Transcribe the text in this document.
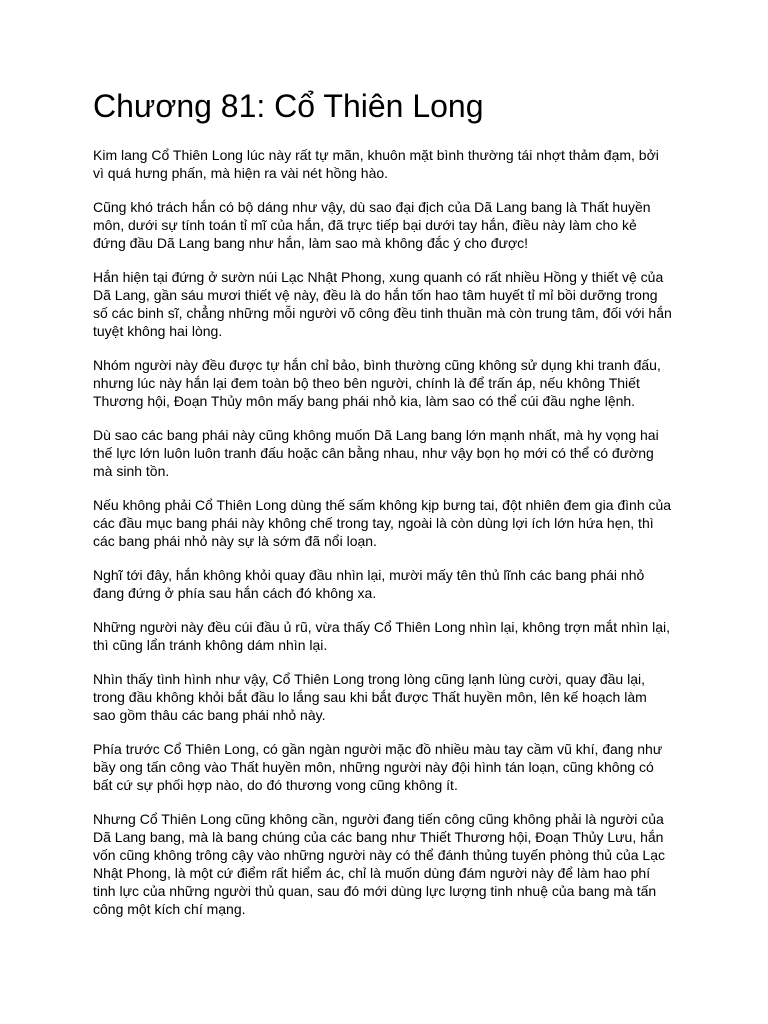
Chương 81: Cổ Thiên Long

Kim lang Cổ Thiên Long lúc này rất tự mãn, khuôn mặt bình thường tái nhợt thảm đạm, bởi vì quá hưng phấn, mà hiện ra vài nét hồng hào.

Cũng khó trách hắn có bộ dáng như vậy, dù sao đại địch của Dã Lang bang là Thất huyền môn, dưới sự tính toán tỉ mĩ của hắn, đã trực tiếp bại dưới tay hắn, điều này làm cho kẻ đứng đầu Dã Lang bang như hắn, làm sao mà không đắc ý cho được!

Hắn hiện tại đứng ở sườn núi Lạc Nhật Phong, xung quanh có rất nhiều Hồng y thiết vệ của Dã Lang, gần sáu mươi thiết vệ này, đều là do hắn tốn hao tâm huyết tỉ mỉ bồi dưỡng trong số các binh sĩ, chẳng những mỗi người võ công đều tinh thuần mà còn trung tâm, đối với hắn tuyệt không hai lòng.

Nhóm người này đều được tự hắn chỉ bảo, bình thường cũng không sử dụng khi tranh đấu, nhưng lúc này hắn lại đem toàn bộ theo bên người, chính là để trấn áp, nếu không Thiết Thương hội, Đoạn Thủy môn mấy bang phái nhỏ kia, làm sao có thể cúi đầu nghe lệnh.

Dù sao các bang phái này cũng không muốn Dã Lang bang lớn mạnh nhất, mà hy vọng hai thế lực lớn luôn luôn tranh đấu hoặc cân bằng nhau, như vậy bọn họ mới có thể có đường mà sinh tồn.

Nếu không phải Cổ Thiên Long dùng thế sấm không kịp bưng tai, đột nhiên đem gia đình của các đầu mục bang phái này không chế trong tay, ngoài là còn dùng lợi ích lớn hứa hẹn, thì các bang phái nhỏ này sự là sớm đã nổi loạn.

Nghĩ tới đây, hắn không khỏi quay đầu nhìn lại, mười mấy tên thủ lĩnh các bang phái nhỏ đang đứng ở phía sau hắn cách đó không xa.

Những người này đều cúi đầu ủ rũ, vừa thấy Cổ Thiên Long nhìn lại, không trợn mắt nhìn lại, thì cũng lẩn tránh không dám nhìn lại.

Nhìn thấy tình hình như vậy, Cổ Thiên Long trong lòng cũng lạnh lùng cười, quay đầu lại, trong đầu không khỏi bắt đầu lo lắng sau khi bắt được Thất huyền môn, lên kế hoạch làm sao gồm thâu các bang phái nhỏ này.

Phía trước Cổ Thiên Long, có gần ngàn người mặc đồ nhiều màu tay cầm vũ khí, đang như bầy ong tấn công vào Thất huyền môn, những người này đội hình tán loạn, cũng không có bất cứ sự phối hợp nào, do đó thương vong cũng không ít.

Nhưng Cổ Thiên Long cũng không cần, người đang tiến công cũng không phải là người của Dã Lang bang, mà là bang chúng của các bang như Thiết Thương hội, Đoạn Thủy Lưu, hắn vốn cũng không trông cậy vào những người này có thể đánh thủng tuyến phòng thủ của Lạc Nhật Phong, là một cứ điểm rất hiểm ác, chỉ là muốn dùng đám người này để làm hao phí tinh lực của những người thủ quan, sau đó mới dùng lực lượng tinh nhuệ của bang mà tấn công một kích chí mạng.
